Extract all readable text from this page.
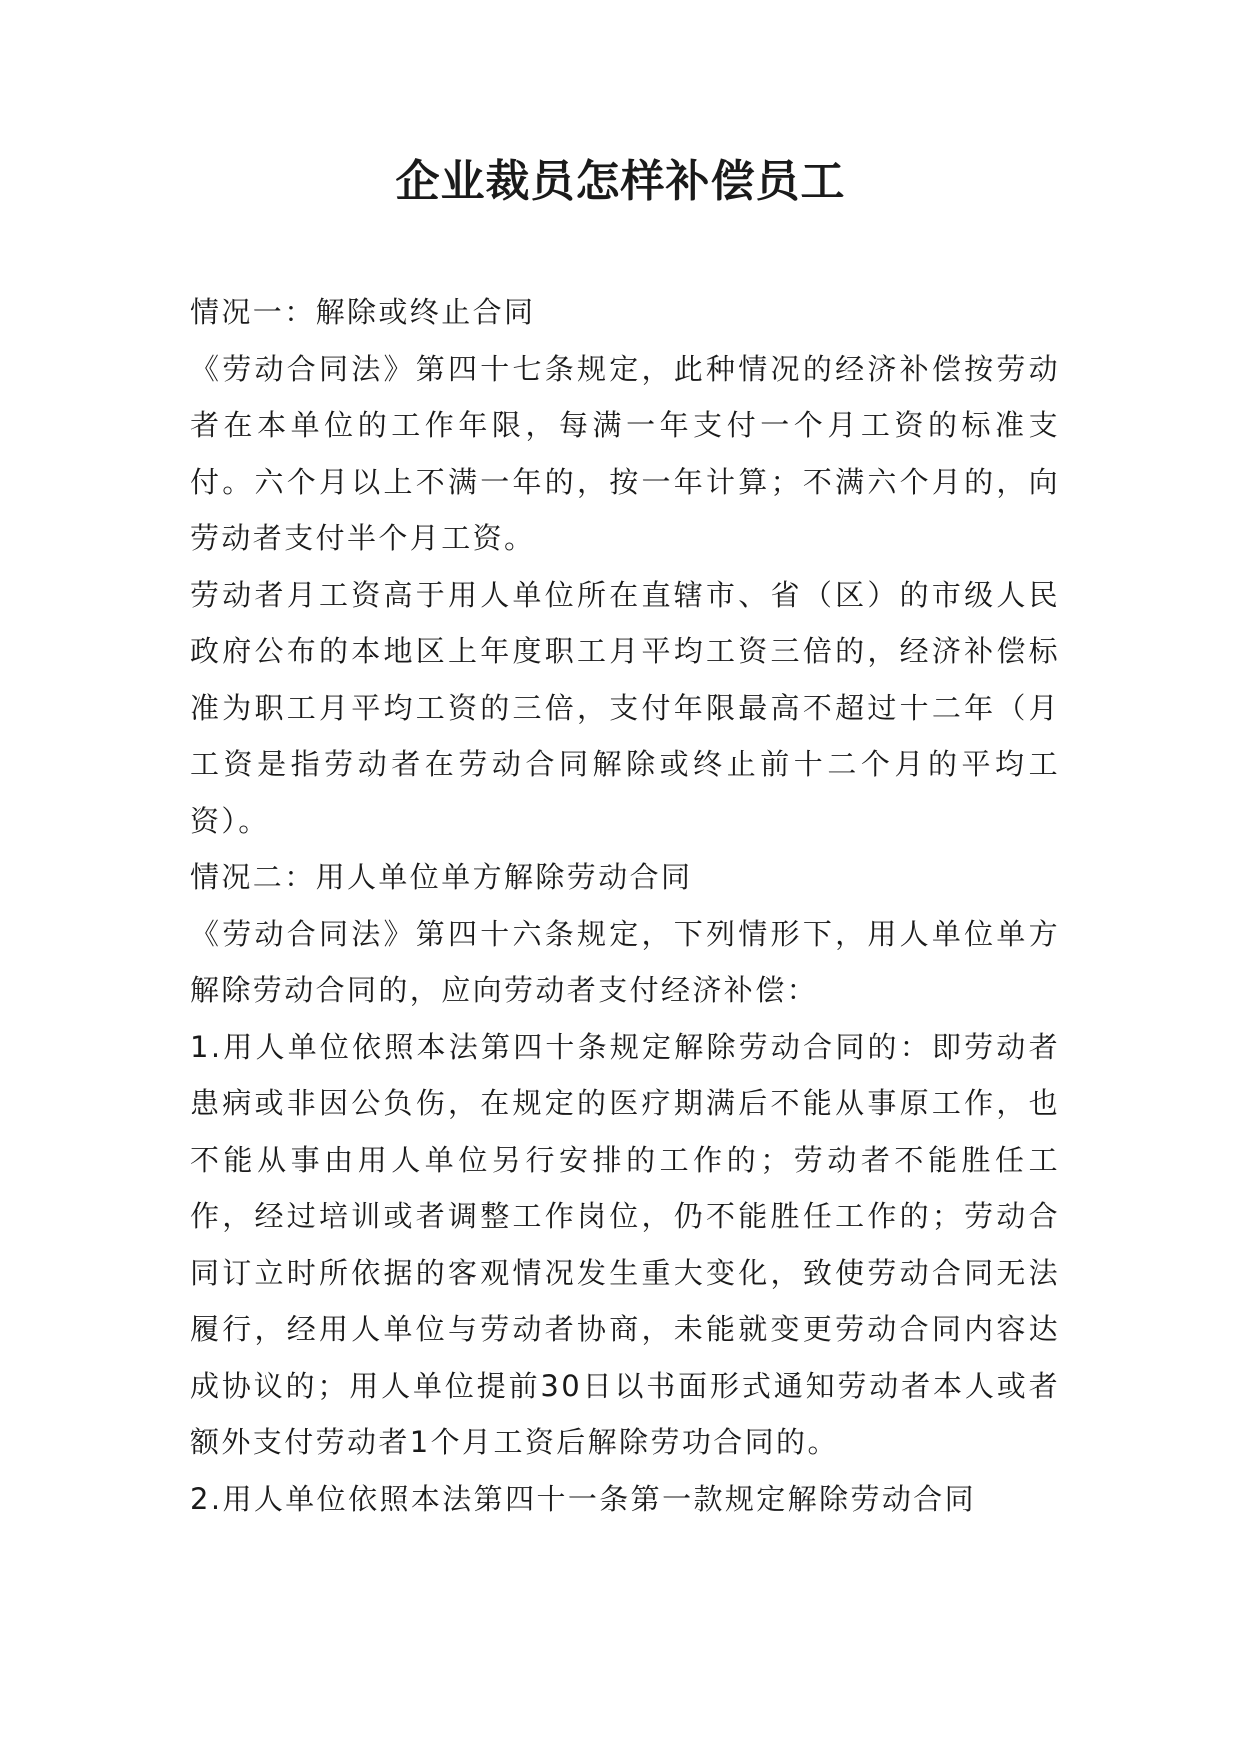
企业裁员怎样补偿员工

情况一：解除或终止合同

《劳动合同法》第四十七条规定，此种情况的经济补偿按劳动者在本单位的工作年限，每满一年支付一个月工资的标准支付。六个月以上不满一年的，按一年计算；不满六个月的，向劳动者支付半个月工资。

劳动者月工资高于用人单位所在直辖市、省（区）的市级人民政府公布的本地区上年度职工月平均工资三倍的，经济补偿标准为职工月平均工资的三倍，支付年限最高不超过十二年（月工资是指劳动者在劳动合同解除或终止前十二个月的平均工资）。

情况二：用人单位单方解除劳动合同

《劳动合同法》第四十六条规定，下列情形下，用人单位单方解除劳动合同的，应向劳动者支付经济补偿：

1.用人单位依照本法第四十条规定解除劳动合同的：即劳动者患病或非因公负伤，在规定的医疗期满后不能从事原工作，也不能从事由用人单位另行安排的工作的；劳动者不能胜任工作，经过培训或者调整工作岗位，仍不能胜任工作的；劳动合同订立时所依据的客观情况发生重大变化，致使劳动合同无法履行，经用人单位与劳动者协商，未能就变更劳动合同内容达成协议的；用人单位提前30日以书面形式通知劳动者本人或者额外支付劳动者1个月工资后解除劳功合同的。

2.用人单位依照本法第四十一条第一款规定解除劳动合同
